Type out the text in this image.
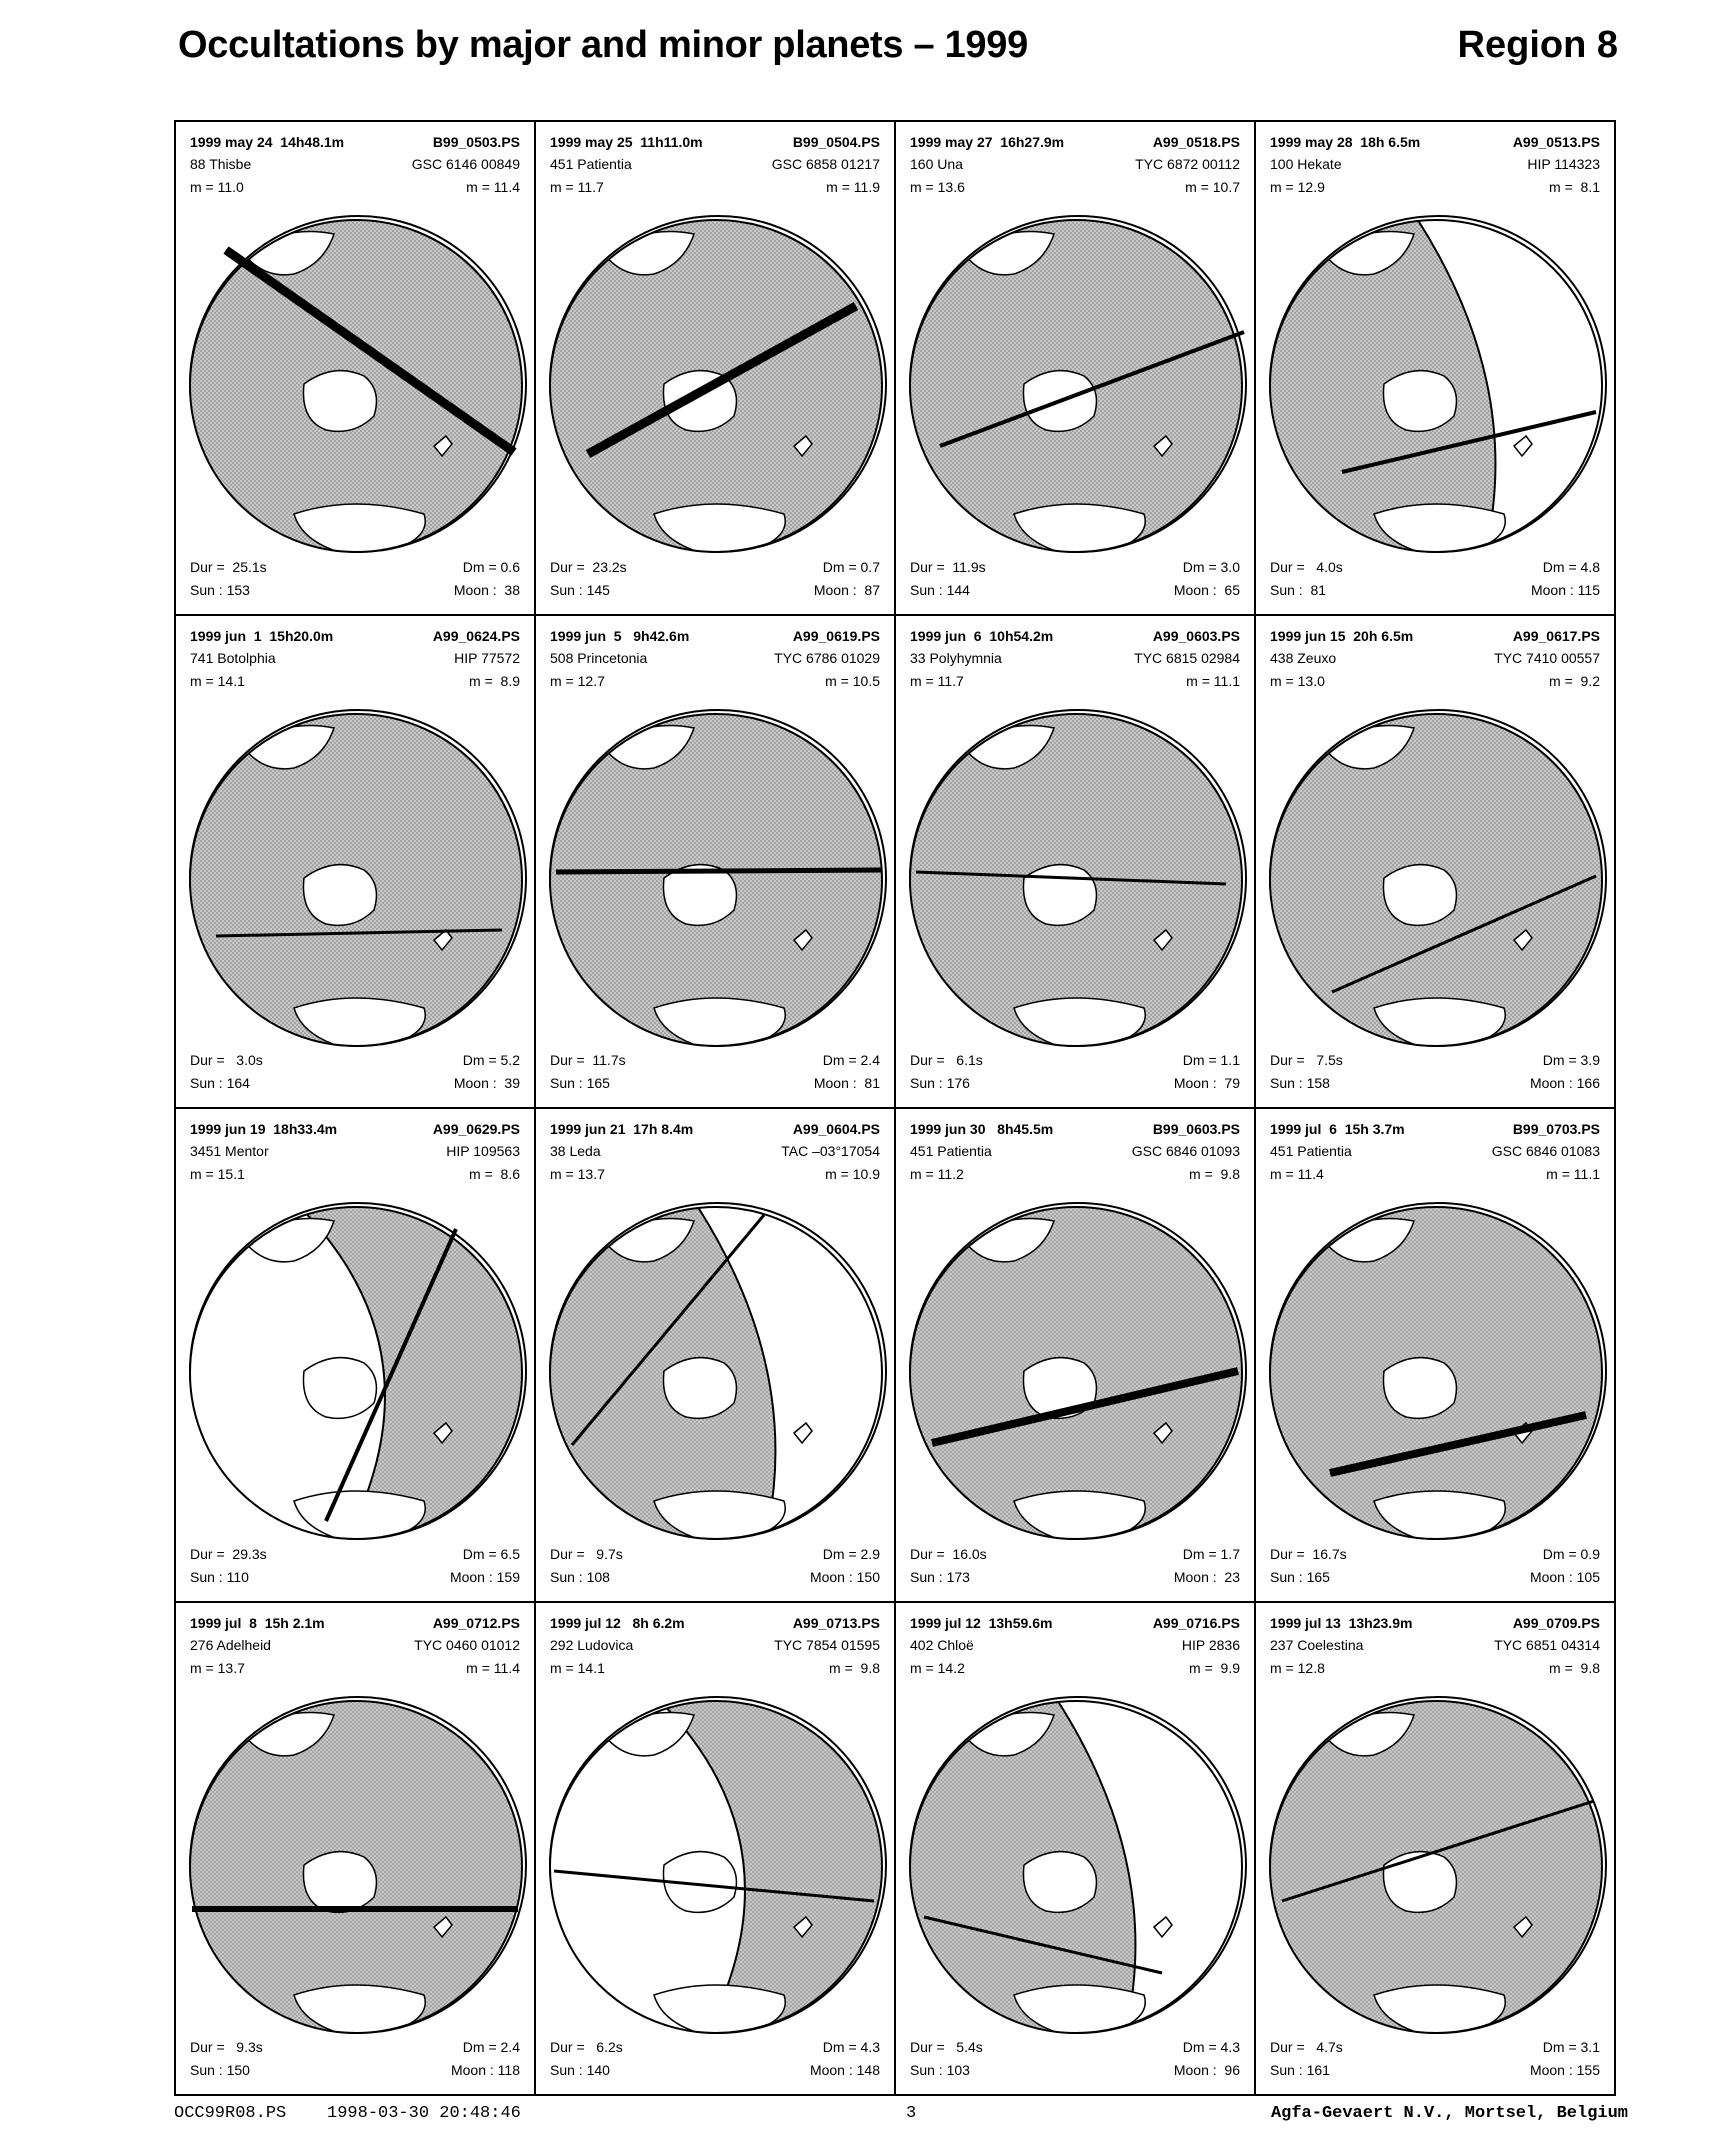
Occultations by major and minor planets – 1999	Region 8
1999 may 24  14h48.1m	B99_0503.PS
88 Thisbe	GSC 6146 00849
m = 11.0	m = 11.4
Dur =  25.1s	Dm = 0.6
Sun : 153	Moon :  38
1999 may 25  11h11.0m	B99_0504.PS
451 Patientia	GSC 6858 01217
m = 11.7	m = 11.9
Dur =  23.2s	Dm = 0.7
Sun : 145	Moon :  87
1999 may 27  16h27.9m	A99_0518.PS
160 Una	TYC 6872 00112
m = 13.6	m = 10.7
Dur =  11.9s	Dm = 3.0
Sun : 144	Moon :  65
1999 may 28  18h 6.5m	A99_0513.PS
100 Hekate	HIP 114323
m = 12.9	m =  8.1
Dur =   4.0s	Dm = 4.8
Sun :  81	Moon : 115
1999 jun  1  15h20.0m	A99_0624.PS
741 Botolphia	HIP 77572
m = 14.1	m =  8.9
Dur =   3.0s	Dm = 5.2
Sun : 164	Moon :  39
1999 jun  5   9h42.6m	A99_0619.PS
508 Princetonia	TYC 6786 01029
m = 12.7	m = 10.5
Dur =  11.7s	Dm = 2.4
Sun : 165	Moon :  81
1999 jun  6  10h54.2m	A99_0603.PS
33 Polyhymnia	TYC 6815 02984
m = 11.7	m = 11.1
Dur =   6.1s	Dm = 1.1
Sun : 176	Moon :  79
1999 jun 15  20h 6.5m	A99_0617.PS
438 Zeuxo	TYC 7410 00557
m = 13.0	m =  9.2
Dur =   7.5s	Dm = 3.9
Sun : 158	Moon : 166
1999 jun 19  18h33.4m	A99_0629.PS
3451 Mentor	HIP 109563
m = 15.1	m =  8.6
Dur =  29.3s	Dm = 6.5
Sun : 110	Moon : 159
1999 jun 21  17h 8.4m	A99_0604.PS
38 Leda	TAC –03°17054
m = 13.7	m = 10.9
Dur =   9.7s	Dm = 2.9
Sun : 108	Moon : 150
1999 jun 30   8h45.5m	B99_0603.PS
451 Patientia	GSC 6846 01093
m = 11.2	m =  9.8
Dur =  16.0s	Dm = 1.7
Sun : 173	Moon :  23
1999 jul  6  15h 3.7m	B99_0703.PS
451 Patientia	GSC 6846 01083
m = 11.4	m = 11.1
Dur =  16.7s	Dm = 0.9
Sun : 165	Moon : 105
1999 jul  8  15h 2.1m	A99_0712.PS
276 Adelheid	TYC 0460 01012
m = 13.7	m = 11.4
Dur =   9.3s	Dm = 2.4
Sun : 150	Moon : 118
1999 jul 12   8h 6.2m	A99_0713.PS
292 Ludovica	TYC 7854 01595
m = 14.1	m =  9.8
Dur =   6.2s	Dm = 4.3
Sun : 140	Moon : 148
1999 jul 12  13h59.6m	A99_0716.PS
402 Chloë	HIP 2836
m = 14.2	m =  9.9
Dur =   5.4s	Dm = 4.3
Sun : 103	Moon :  96
1999 jul 13  13h23.9m	A99_0709.PS
237 Coelestina	TYC 6851 04314
m = 12.8	m =  9.8
Dur =   4.7s	Dm = 3.1
Sun : 161	Moon : 155
OCC99R08.PS    1998-03-30 20:48:46	3	Agfa-Gevaert N.V., Mortsel, Belgium
